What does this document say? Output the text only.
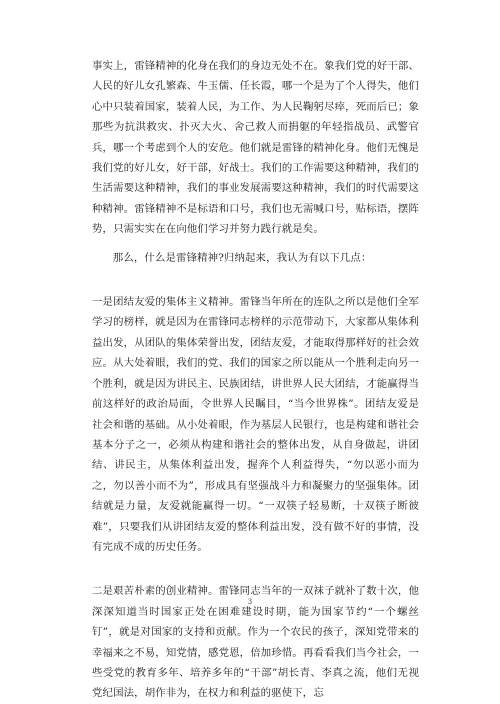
事实上，雷锋精神的化身在我们的身边无处不在。象我们党的好干部、人民的好儿女孔繁森、牛玉儒、任长霞，哪一个是为了个人得失，他们心中只装着国家，装着人民，为工作、为人民鞠躬尽瘁，死而后已；象那些为抗洪救灾、扑灭大火、舍己救人而捐躯的年轻指战员、武警官兵，哪一个考虑到个人的安危。他们就是雷锋的精神化身。他们无愧是我们党的好儿女，好干部，好战士。我们的工作需要这种精神，我们的生活需要这种精神，我们的事业发展需要这种精神，我们的时代需要这种精神。雷锋精神不是标语和口号，我们也无需喊口号，贴标语，摆阵势，只需实实在在向他们学习并努力践行就是矣。

那么，什么是雷锋精神?归纳起来，我认为有以下几点：

一是团结友爱的集体主义精神。雷锋当年所在的连队之所以是他们全军学习的榜样，就是因为在雷锋同志榜样的示范带动下，大家都从集体利益出发，从团队的集体荣誉出发，团结友爱，才能取得那样好的社会效应。从大处着眼，我们的党、我们的国家之所以能从一个胜利走向另一个胜利，就是因为讲民主、民族团结，讲世界人民大团结，才能赢得当前这样好的政治局面，令世界人民瞩目，“当今世界株”。团结友爱是社会和谐的基础。从小处着眼，作为基层人民银行，也是构建和谐社会基本分子之一，必须从构建和谐社会的整体出发，从自身做起，讲团结、讲民主，从集体利益出发，握奔个人利益得失，“勿以恶小而为之，勿以善小而不为”，形成具有坚强战斗力和凝聚力的坚强集体。团结就是力量，友爱就能赢得一切。“一双筷子轻易断，十双筷子断彼难”，只要我们从讲团结友爱的整体利益出发，没有做不好的事情，没有完成不成的历史任务。

二是艰苦朴素的创业精神。雷锋同志当年的一双袜子就补了数十次，他深深知道当时国家正处在困难建设时期，能为国家节约“一个螺丝钉”，就是对国家的支持和贡献。作为一个农民的孩子，深知党带来的幸福来之不易，知党情，感党恩，倍加珍惜。再看看我们当今社会，一些受党的教育多年、培养多年的“干部”胡长青、李真之流，他们无视党纪国法，胡作非为，在权力和利益的驱使下，忘

3
